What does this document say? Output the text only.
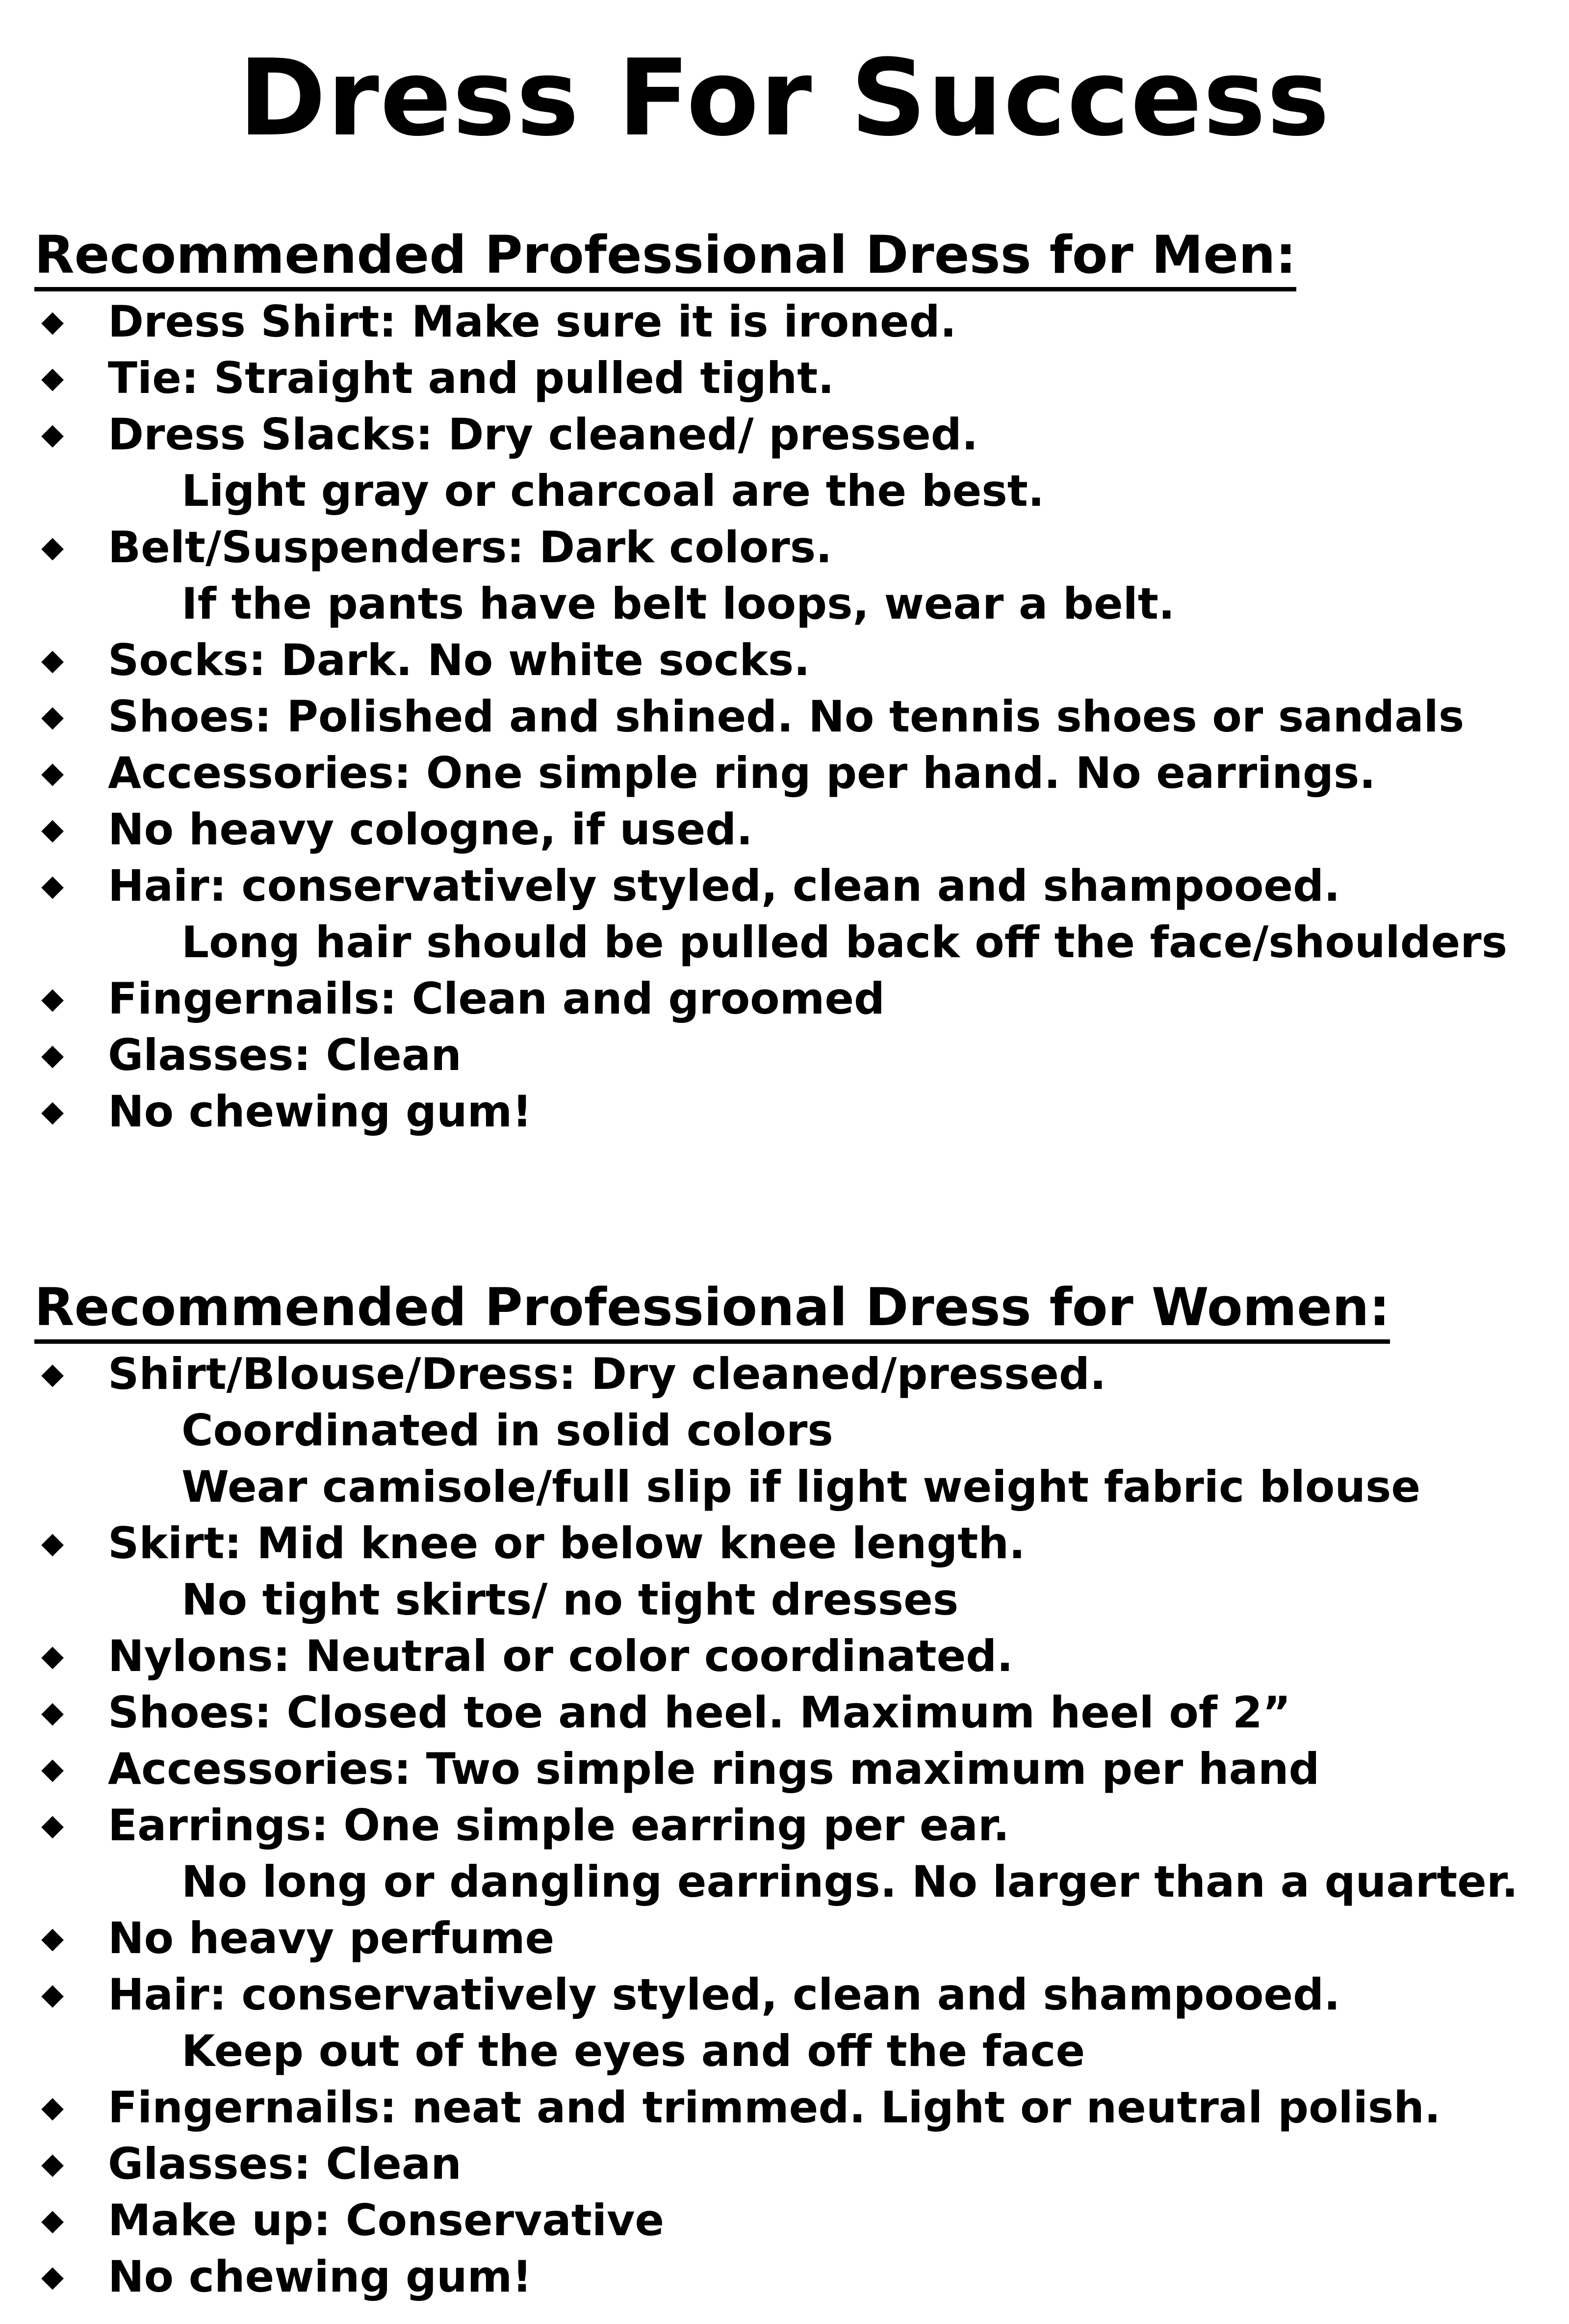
Dress For Success
Recommended Professional Dress for Men:
◆ Dress Shirt: Make sure it is ironed.
◆ Tie: Straight and pulled tight.
◆ Dress Slacks: Dry cleaned/ pressed.
Light gray or charcoal are the best.
◆ Belt/Suspenders: Dark colors.
If the pants have belt loops, wear a belt.
◆ Socks: Dark. No white socks.
◆ Shoes: Polished and shined. No tennis shoes or sandals
◆ Accessories: One simple ring per hand. No earrings.
◆ No heavy cologne, if used.
◆ Hair: conservatively styled, clean and shampooed.
Long hair should be pulled back off the face/shoulders
◆ Fingernails: Clean and groomed
◆ Glasses: Clean
◆ No chewing gum!
Recommended Professional Dress for Women:
◆ Shirt/Blouse/Dress: Dry cleaned/pressed.
Coordinated in solid colors
Wear camisole/full slip if light weight fabric blouse
◆ Skirt: Mid knee or below knee length.
No tight skirts/ no tight dresses
◆ Nylons: Neutral or color coordinated.
◆ Shoes: Closed toe and heel. Maximum heel of 2”
◆ Accessories: Two simple rings maximum per hand
◆ Earrings: One simple earring per ear.
No long or dangling earrings. No larger than a quarter.
◆ No heavy perfume
◆ Hair: conservatively styled, clean and shampooed.
Keep out of the eyes and off the face
◆ Fingernails: neat and trimmed. Light or neutral polish.
◆ Glasses: Clean
◆ Make up: Conservative
◆ No chewing gum!
